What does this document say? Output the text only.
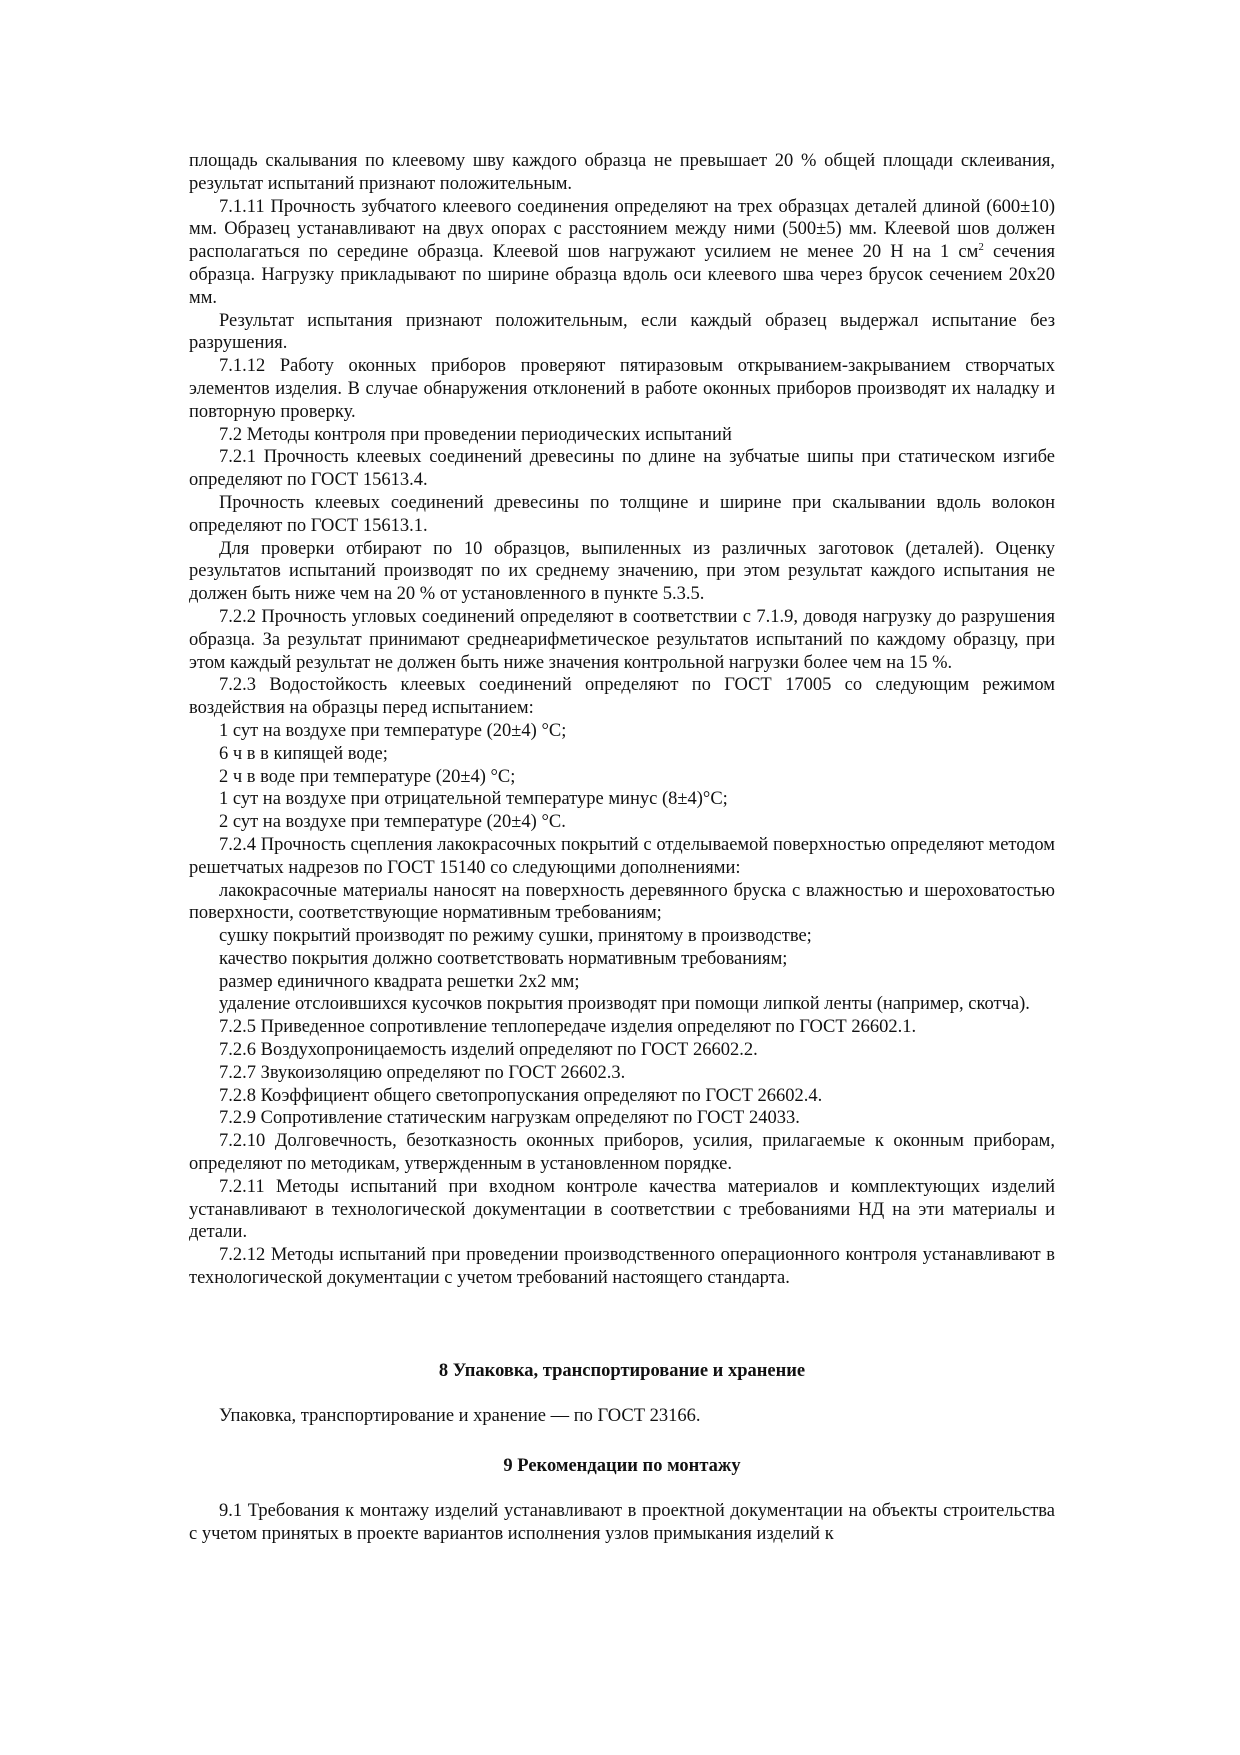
площадь скалывания по клеевому шву каждого образца не превышает 20 % общей площади склеивания, результат испытаний признают положительным.

7.1.11 Прочность зубчатого клеевого соединения определяют на трех образцах деталей длиной (600±10) мм. Образец устанавливают на двух опорах с расстоянием между ними (500±5) мм. Клеевой шов должен располагаться по середине образца. Клеевой шов нагружают усилием не менее 20 Н на 1 $см^2$ сечения образца. Нагрузку прикладывают по ширине образца вдоль оси клеевого шва через брусок сечением 20х20 мм.

Результат испытания признают положительным, если каждый образец выдержал испытание без разрушения.

7.1.12 Работу оконных приборов проверяют пятиразовым открыванием-закрыванием створчатых элементов изделия. В случае обнаружения отклонений в работе оконных приборов производят их наладку и повторную проверку.

7.2 Методы контроля при проведении периодических испытаний

7.2.1 Прочность клеевых соединений древесины по длине на зубчатые шипы при статическом изгибе определяют по ГОСТ 15613.4.

Прочность клеевых соединений древесины по толщине и ширине при скалывании вдоль волокон определяют по ГОСТ 15613.1.

Для проверки отбирают по 10 образцов, выпиленных из различных заготовок (деталей). Оценку результатов испытаний производят по их среднему значению, при этом результат каждого испытания не должен быть ниже чем на 20 % от установленного в пункте 5.3.5.

7.2.2 Прочность угловых соединений определяют в соответствии с 7.1.9, доводя нагрузку до разрушения образца. За результат принимают среднеарифметическое результатов испытаний по каждому образцу, при этом каждый результат не должен быть ниже значения контрольной нагрузки более чем на 15 %.

7.2.3 Водостойкость клеевых соединений определяют по ГОСТ 17005 со следующим режимом воздействия на образцы перед испытанием:

1 сут на воздухе при температуре (20±4) °С;

6 ч в в кипящей воде;

2 ч в воде при температуре (20±4) °С;

1 сут на воздухе при отрицательной температуре минус (8±4)°С;

2 сут на воздухе при температуре (20±4) °С.

7.2.4 Прочность сцепления лакокрасочных покрытий с отделываемой поверхностью определяют методом решетчатых надрезов по ГОСТ 15140 со следующими дополнениями:

лакокрасочные материалы наносят на поверхность деревянного бруска с влажностью и шероховатостью поверхности, соответствующие нормативным требованиям;

сушку покрытий производят по режиму сушки, принятому в производстве;

качество покрытия должно соответствовать нормативным требованиям;

размер единичного квадрата решетки 2х2 мм;

удаление отслоившихся кусочков покрытия производят при помощи липкой ленты (например, скотча).

7.2.5 Приведенное сопротивление теплопередаче изделия определяют по ГОСТ 26602.1.

7.2.6 Воздухопроницаемость изделий определяют по ГОСТ 26602.2.

7.2.7 Звукоизоляцию определяют по ГОСТ 26602.3.

7.2.8 Коэффициент общего светопропускания определяют по ГОСТ 26602.4.

7.2.9 Сопротивление статическим нагрузкам определяют по ГОСТ 24033.

7.2.10 Долговечность, безотказность оконных приборов, усилия, прилагаемые к оконным приборам, определяют по методикам, утвержденным в установленном порядке.

7.2.11 Методы испытаний при входном контроле качества материалов и комплектующих изделий устанавливают в технологической документации в соответствии с требованиями НД на эти материалы и детали.

7.2.12 Методы испытаний при проведении производственного операционного контроля устанавливают в технологической документации с учетом требований настоящего стандарта.

8 Упаковка, транспортирование и хранение

Упаковка, транспортирование и хранение — по ГОСТ 23166.

9 Рекомендации по монтажу

9.1 Требования к монтажу изделий устанавливают в проектной документации на объекты строительства с учетом принятых в проекте вариантов исполнения узлов примыкания изделий к
